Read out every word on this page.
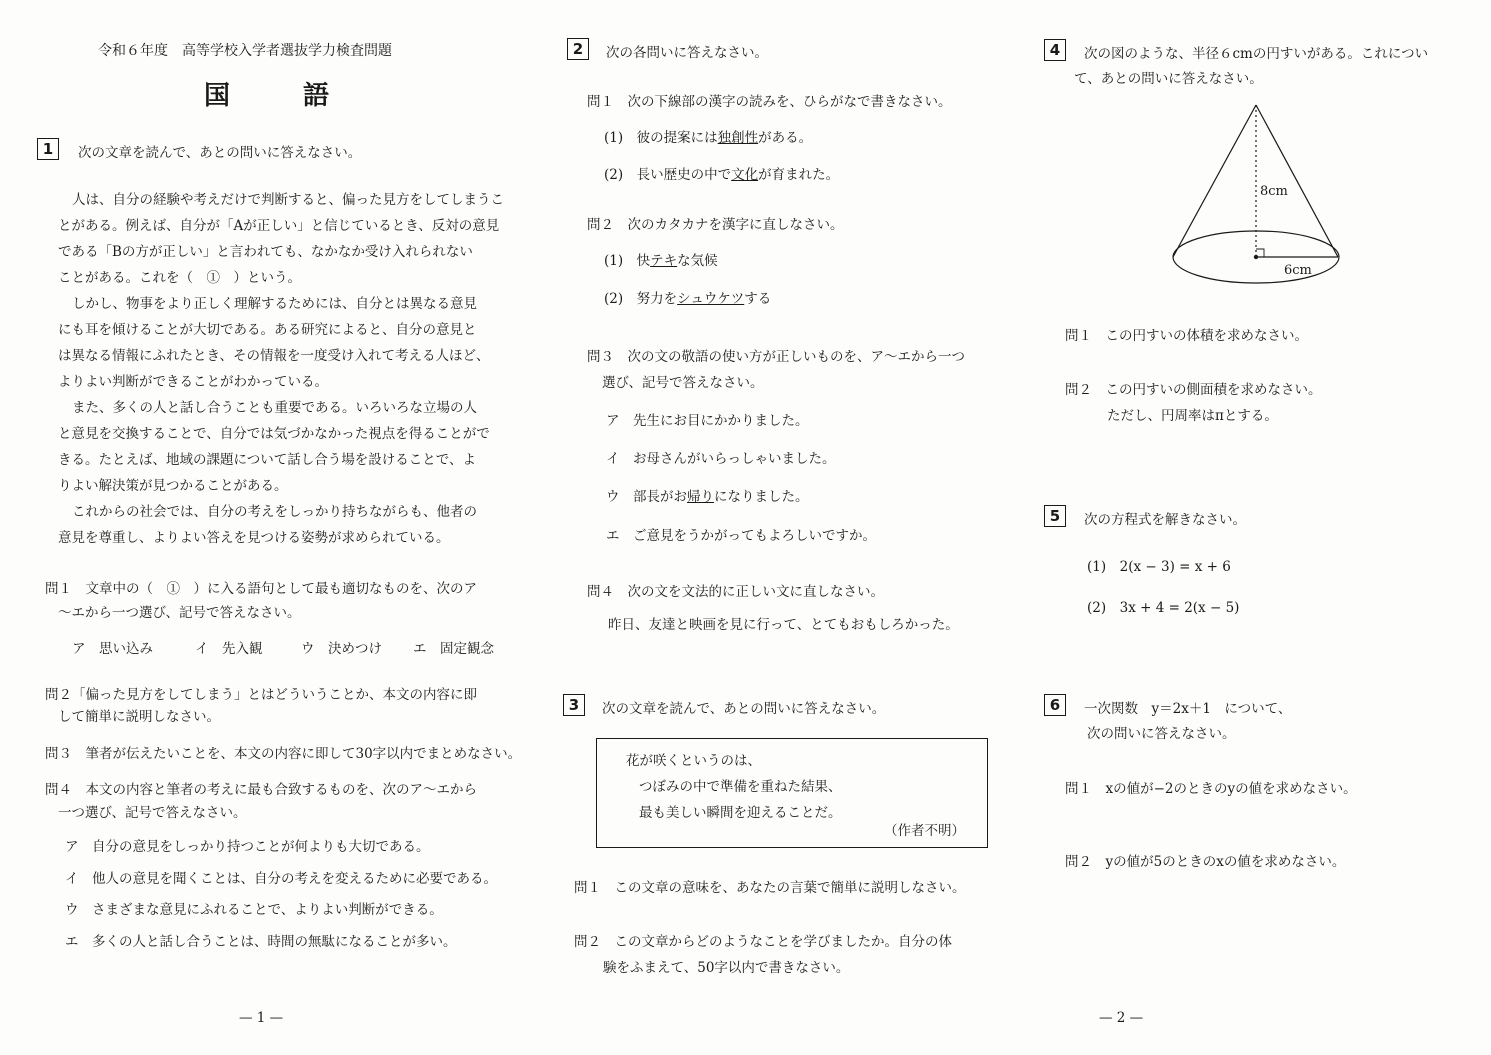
令和６年度　高等学校入学者選抜学力検査問題
国	語
1	次の文章を読んで、あとの問いに答えなさい。
人は、自分の経験や考えだけで判断すると、偏った見方をしてしまうこ
とがある。例えば、自分が「Aが正しい」と信じているとき、反対の意見
である「Bの方が正しい」と言われても、なかなか受け入れられない
ことがある。これを（　①　）という。
しかし、物事をより正しく理解するためには、自分とは異なる意見
にも耳を傾けることが大切である。ある研究によると、自分の意見と
は異なる情報にふれたとき、その情報を一度受け入れて考える人ほど、
よりよい判断ができることがわかっている。
また、多くの人と話し合うことも重要である。いろいろな立場の人
と意見を交換することで、自分では気づかなかった視点を得ることがで
きる。たとえば、地域の課題について話し合う場を設けることで、よ
りよい解決策が見つかることがある。
これからの社会では、自分の考えをしっかり持ちながらも、他者の
意見を尊重し、よりよい答えを見つける姿勢が求められている。
問１　文章中の（　①　）に入る語句として最も適切なものを、次のア
～エから一つ選び、記号で答えなさい。
ア　思い込み	イ　先入観	ウ　決めつけ エ　固定観念
問２「偏った見方をしてしまう」とはどういうことか、本文の内容に即
して簡単に説明しなさい。
問３　筆者が伝えたいことを、本文の内容に即して30字以内でまとめなさい。
問４　本文の内容と筆者の考えに最も合致するものを、次のア～エから
一つ選び、記号で答えなさい。
ア　自分の意見をしっかり持つことが何よりも大切である。
イ　他人の意見を聞くことは、自分の考えを変えるために必要である。
ウ　さまざまな意見にふれることで、よりよい判断ができる。
エ　多くの人と話し合うことは、時間の無駄になることが多い。
— 1 —
2	次の各問いに答えなさい。
問１　次の下線部の漢字の読みを、ひらがなで書きなさい。
(1)　彼の提案には独創性がある。
(2)　長い歴史の中で文化が育まれた。
問２　次のカタカナを漢字に直しなさい。
(1)　快テキな気候
(2)　努力をシュウケツする
問３　次の文の敬語の使い方が正しいものを、ア～エから一つ
選び、記号で答えなさい。
ア　先生にお目にかかりました。
イ　お母さんがいらっしゃいました。
ウ　部長がお帰りになりました。
エ　ご意見をうかがってもよろしいですか。
問４　次の文を文法的に正しい文に直しなさい。
昨日、友達と映画を見に行って、とてもおもしろかった。
3	次の文章を読んで、あとの問いに答えなさい。
花が咲くというのは、
つぼみの中で準備を重ねた結果、
最も美しい瞬間を迎えることだ。
（作者不明）
問１　この文章の意味を、あなたの言葉で簡単に説明しなさい。
問２　この文章からどのようなことを学びましたか。自分の体
験をふまえて、50字以内で書きなさい。
4	次の図のような、半径６cmの円すいがある。これについ
て、あとの問いに答えなさい。
8cm
6cm
問１　この円すいの体積を求めなさい。
問２　この円すいの側面積を求めなさい。
ただし、円周率はπとする。
5	次の方程式を解きなさい。
(1)　2(x − 3) = x + 6
(2)　3x + 4 = 2(x − 5)
6	一次関数　y＝2x＋1　について、
次の問いに答えなさい。
問１　xの値が−2のときのyの値を求めなさい。
問２　yの値が5のときのxの値を求めなさい。
— 2 —
